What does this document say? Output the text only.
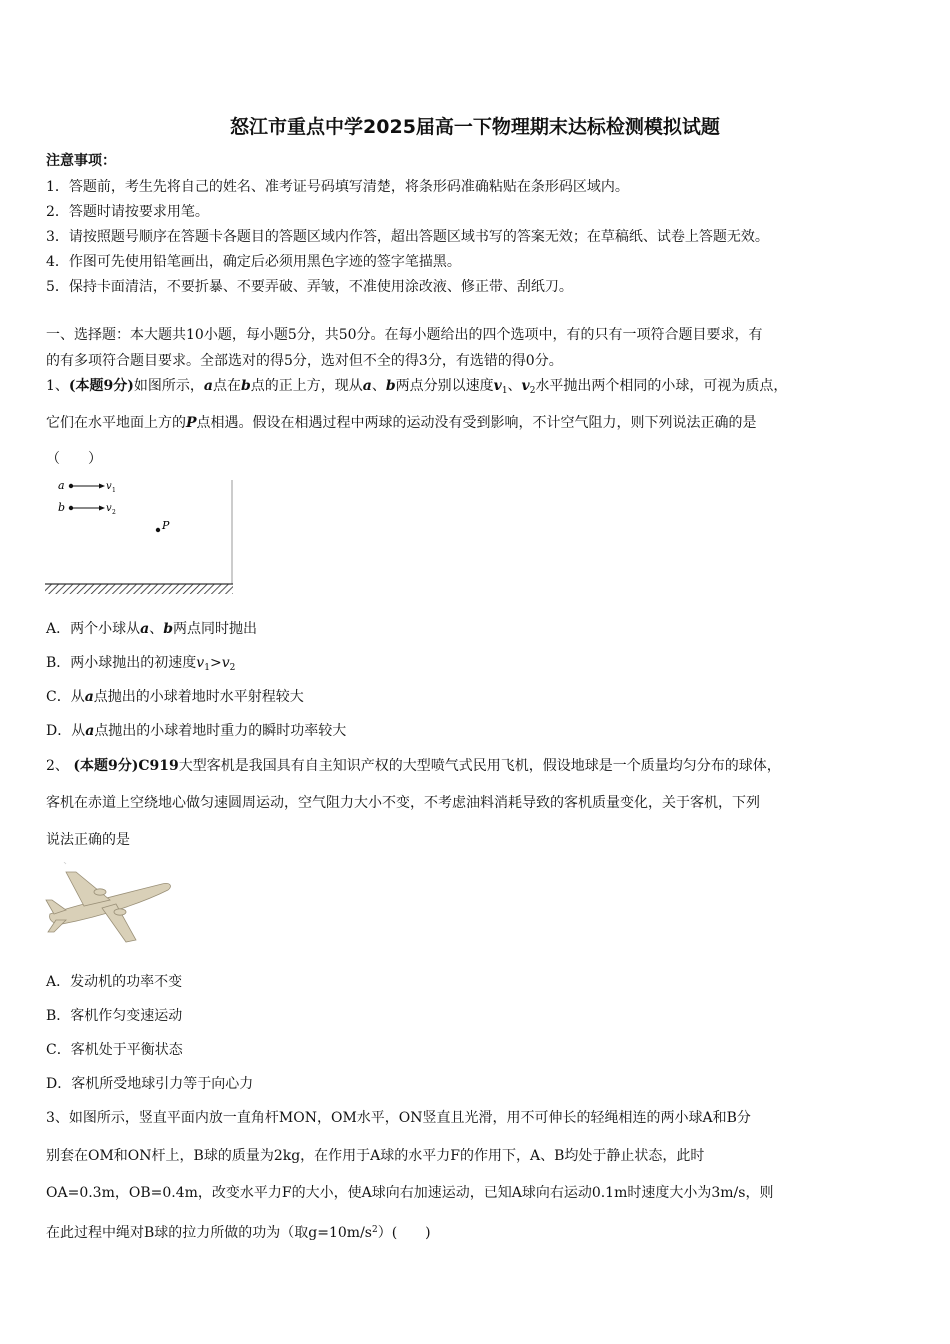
怒江市重点中学2025届高一下物理期末达标检测模拟试题
注意事项：
1．答题前，考生先将自己的姓名、准考证号码填写清楚，将条形码准确粘贴在条形码区域内。
2．答题时请按要求用笔。
3．请按照题号顺序在答题卡各题目的答题区域内作答，超出答题区域书写的答案无效；在草稿纸、试卷上答题无效。
4．作图可先使用铅笔画出，确定后必须用黑色字迹的签字笔描黑。
5．保持卡面清洁，不要折暴、不要弄破、弄皱，不准使用涂改液、修正带、刮纸刀。
一、选择题：本大题共10小题，每小题5分，共50分。在每小题给出的四个选项中，有的只有一项符合题目要求，有
的有多项符合题目要求。全部选对的得5分，选对但不全的得3分，有选错的得0分。
1、(本题9分)如图所示，a点在b点的正上方，现从a、b两点分别以速度$v_1$、$v_2$水平抛出两个相同的小球，可视为质点，
它们在水平地面上方的P点相遇。假设在相遇过程中两球的运动没有受到影响，不计空气阻力，则下列说法正确的是
（　　）
a	v 1
b	v 2
P
A．两个小球从a、b两点同时抛出
B．两小球抛出的初速度$v_1>v_2$
C．从a点抛出的小球着地时水平射程较大
D．从a点抛出的小球着地时重力的瞬时功率较大
2、 (本题9分)C919大型客机是我国具有自主知识产权的大型喷气式民用飞机，假设地球是一个质量均匀分布的球体，
客机在赤道上空绕地心做匀速圆周运动，空气阻力大小不变，不考虑油料消耗导致的客机质量变化，关于客机，下列
说法正确的是
A．发动机的功率不变
B．客机作匀变速运动
C．客机处于平衡状态
D．客机所受地球引力等于向心力
3、如图所示，竖直平面内放一直角杆MON，OM水平，ON竖直且光滑，用不可伸长的轻绳相连的两小球A和B分
别套在OM和ON杆上，B球的质量为2kg，在作用于A球的水平力F的作用下，A、B均处于静止状态，此时
OA=0.3m，OB=0.4m，改变水平力F的大小，使A球向右加速运动，已知A球向右运动0.1m时速度大小为3m/s，则
在此过程中绳对B球的拉力所做的功为（取$g=10m/s^2$）(　　)
